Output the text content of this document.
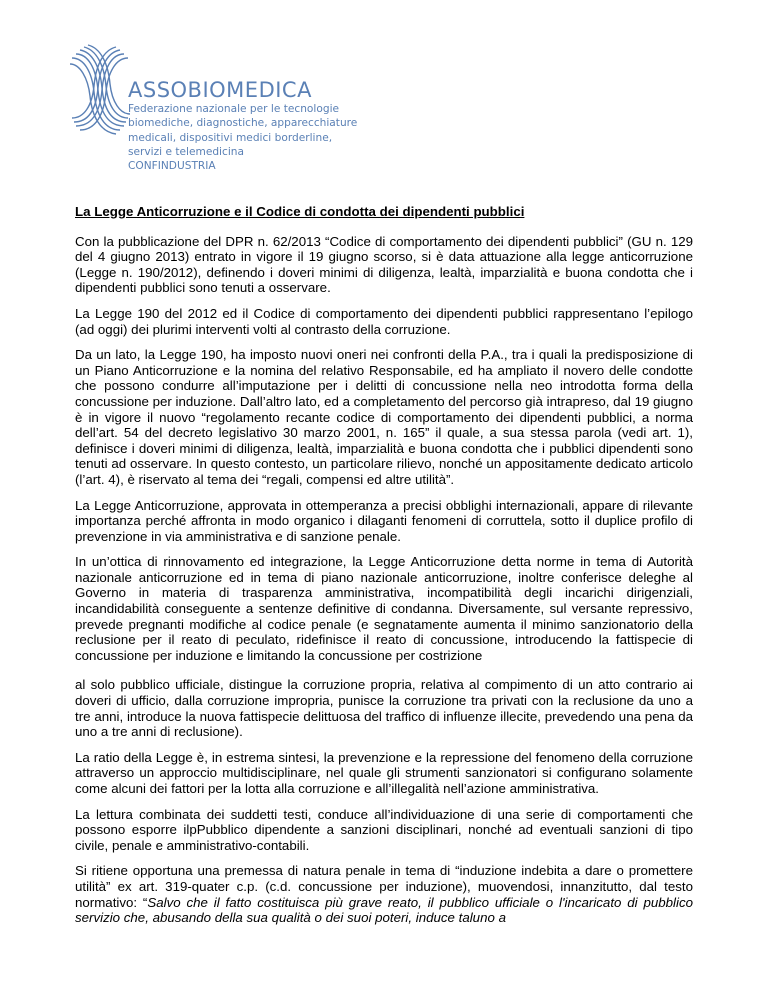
ASSOBIOMEDICA
Federazione nazionale per le tecnologie
biomediche, diagnostiche, apparecchiature
medicali, dispositivi medici borderline,
servizi e telemedicina
CONFINDUSTRIA
La Legge Anticorruzione e il Codice di condotta dei dipendenti pubblici

Con la pubblicazione del DPR n. 62/2013 “Codice di comportamento dei dipendenti pubblici” (GU n. 129 del 4 giugno 2013) entrato in vigore il 19 giugno scorso, si è data attuazione alla legge anticorruzione (Legge n. 190/2012), definendo i doveri minimi di diligenza, lealtà, imparzialità e buona condotta che i dipendenti pubblici sono tenuti a osservare.

La Legge 190 del 2012 ed il Codice di comportamento dei dipendenti pubblici rappresentano l’epilogo (ad oggi) dei plurimi interventi volti al contrasto della corruzione.

Da un lato, la Legge 190, ha imposto nuovi oneri nei confronti della P.A., tra i quali la predisposizione di un Piano Anticorruzione e la nomina del relativo Responsabile, ed ha ampliato il novero delle condotte che possono condurre all’imputazione per i delitti di concussione nella neo introdotta forma della concussione per induzione. Dall’altro lato, ed a completamento del percorso già intrapreso, dal 19 giugno è in vigore il nuovo “regolamento recante codice di comportamento dei dipendenti pubblici, a norma dell’art. 54 del decreto legislativo 30 marzo 2001, n. 165” il quale, a sua stessa parola (vedi art. 1), definisce i doveri minimi di diligenza, lealtà, imparzialità e buona condotta che i pubblici dipendenti sono tenuti ad osservare. In questo contesto, un particolare rilievo, nonché un appositamente dedicato articolo (l’art. 4), è riservato al tema dei “regali, compensi ed altre utilità”.

La Legge Anticorruzione, approvata in ottemperanza a precisi obblighi internazionali, appare di rilevante importanza perché affronta in modo organico i dilaganti fenomeni di corruttela, sotto il duplice profilo di prevenzione in via amministrativa e di sanzione penale.

In un’ottica di rinnovamento ed integrazione, la Legge Anticorruzione detta norme in tema di Autorità nazionale anticorruzione ed in tema di piano nazionale anticorruzione, inoltre conferisce deleghe al Governo in materia di trasparenza amministrativa, incompatibilità degli incarichi dirigenziali, incandidabilità conseguente a sentenze definitive di condanna. Diversamente, sul versante repressivo, prevede pregnanti modifiche al codice penale (e segnatamente aumenta il minimo sanzionatorio della reclusione per il reato di peculato, ridefinisce il reato di concussione, introducendo la fattispecie di concussione per induzione e limitando la concussione per costrizione

al solo pubblico ufficiale, distingue la corruzione propria, relativa al compimento di un atto contrario ai doveri di ufficio, dalla corruzione impropria, punisce la corruzione tra privati con la reclusione da uno a tre anni, introduce la nuova fattispecie delittuosa del traffico di influenze illecite, prevedendo una pena da uno a tre anni di reclusione).

La ratio della Legge è, in estrema sintesi, la prevenzione e la repressione del fenomeno della corruzione attraverso un approccio multidisciplinare, nel quale gli strumenti sanzionatori si configurano solamente come alcuni dei fattori per la lotta alla corruzione e all’illegalità nell’azione amministrativa.

La lettura combinata dei suddetti testi, conduce all’individuazione di una serie di comportamenti che possono esporre ilpPubblico dipendente a sanzioni disciplinari, nonché ad eventuali sanzioni di tipo civile, penale e amministrativo-contabili.

Si ritiene opportuna una premessa di natura penale in tema di “induzione indebita a dare o promettere utilità” ex art. 319-quater c.p. (c.d. concussione per induzione), muovendosi, innanzitutto, dal testo normativo: “Salvo che il fatto costituisca più grave reato, il pubblico ufficiale o l'incaricato di pubblico servizio che, abusando della sua qualità o dei suoi poteri, induce taluno a
